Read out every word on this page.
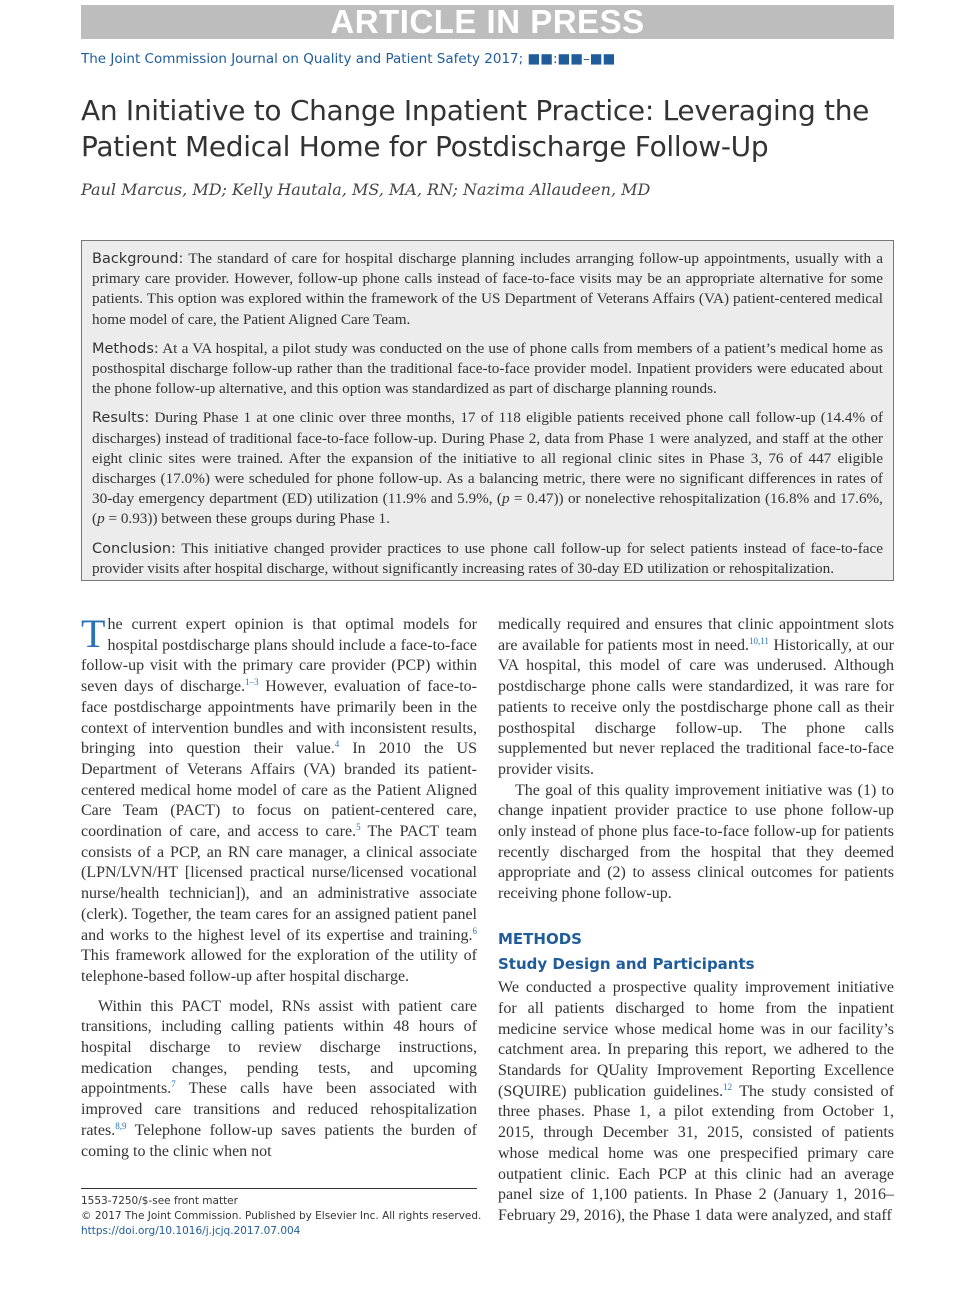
ARTICLE IN PRESS
The Joint Commission Journal on Quality and Patient Safety 2017; ■■:■■–■■
An Initiative to Change Inpatient Practice: Leveraging the Patient Medical Home for Postdischarge Follow-Up
Paul Marcus, MD; Kelly Hautala, MS, MA, RN; Nazima Allaudeen, MD

Background: The standard of care for hospital discharge planning includes arranging follow-up appointments, usually with a primary care provider. However, follow-up phone calls instead of face-to-face visits may be an appropriate alternative for some patients. This option was explored within the framework of the US Department of Veterans Affairs (VA) patient-centered medical home model of care, the Patient Aligned Care Team.

Methods: At a VA hospital, a pilot study was conducted on the use of phone calls from members of a patient’s medical home as posthospital discharge follow-up rather than the traditional face-to-face provider model. Inpatient providers were educated about the phone follow-up alternative, and this option was standardized as part of discharge planning rounds.

Results: During Phase 1 at one clinic over three months, 17 of 118 eligible patients received phone call follow-up (14.4% of discharges) instead of traditional face-to-face follow-up. During Phase 2, data from Phase 1 were analyzed, and staff at the other eight clinic sites were trained. After the expansion of the initiative to all regional clinic sites in Phase 3, 76 of 447 eligible discharges (17.0%) were scheduled for phone follow-up. As a balancing metric, there were no significant differences in rates of 30-day emergency department (ED) utilization (11.9% and 5.9%, (p = 0.47)) or nonelective rehospitalization (16.8% and 17.6%, (p = 0.93)) between these groups during Phase 1.

Conclusion: This initiative changed provider practices to use phone call follow-up for select patients instead of face-to-face provider visits after hospital discharge, without significantly increasing rates of 30-day ED utilization or rehospitalization.

The current expert opinion is that optimal models for hospital postdischarge plans should include a face-to-face follow-up visit with the primary care provider (PCP) within seven days of discharge.$^{1-3}$ However, evaluation of face-to-face postdischarge appointments have primarily been in the context of intervention bundles and with inconsistent results, bringing into question their value.$^4$ In 2010 the US Department of Veterans Affairs (VA) branded its patient-centered medical home model of care as the Patient Aligned Care Team (PACT) to focus on patient-centered care, coordination of care, and access to care.$^5$ The PACT team consists of a PCP, an RN care manager, a clinical associate (LPN/LVN/HT [licensed practical nurse/licensed vocational nurse/health technician]), and an administrative associate (clerk). Together, the team cares for an assigned patient panel and works to the highest level of its expertise and training.$^6$ This framework allowed for the exploration of the utility of telephone-based follow-up after hospital discharge.

Within this PACT model, RNs assist with patient care transitions, including calling patients within 48 hours of hospital discharge to review discharge instructions, medication changes, pending tests, and upcoming appointments.$^7$ These calls have been associated with improved care transitions and reduced rehospitalization rates.$^{8,9}$ Telephone follow-up saves patients the burden of coming to the clinic when not

medically required and ensures that clinic appointment slots are available for patients most in need.$^{10,11}$ Historically, at our VA hospital, this model of care was underused. Although postdischarge phone calls were standardized, it was rare for patients to receive only the postdischarge phone call as their posthospital discharge follow-up. The phone calls supplemented but never replaced the traditional face-to-face provider visits.

The goal of this quality improvement initiative was (1) to change inpatient provider practice to use phone follow-up only instead of phone plus face-to-face follow-up for patients recently discharged from the hospital that they deemed appropriate and (2) to assess clinical outcomes for patients receiving phone follow-up.

METHODS
Study Design and Participants

We conducted a prospective quality improvement initiative for all patients discharged to home from the inpatient medicine service whose medical home was in our facility’s catchment area. In preparing this report, we adhered to the Standards for QUality Improvement Reporting Excellence (SQUIRE) publication guidelines.$^{12}$ The study consisted of three phases. Phase 1, a pilot extending from October 1, 2015, through December 31, 2015, consisted of patients whose medical home was one prespecified primary care outpatient clinic. Each PCP at this clinic had an average panel size of 1,100 patients. In Phase 2 (January 1, 2016–February 29, 2016), the Phase 1 data were analyzed, and staff

1553-7250/$-see front matter
© 2017 The Joint Commission. Published by Elsevier Inc. All rights reserved.
https://doi.org/10.1016/j.jcjq.2017.07.004
